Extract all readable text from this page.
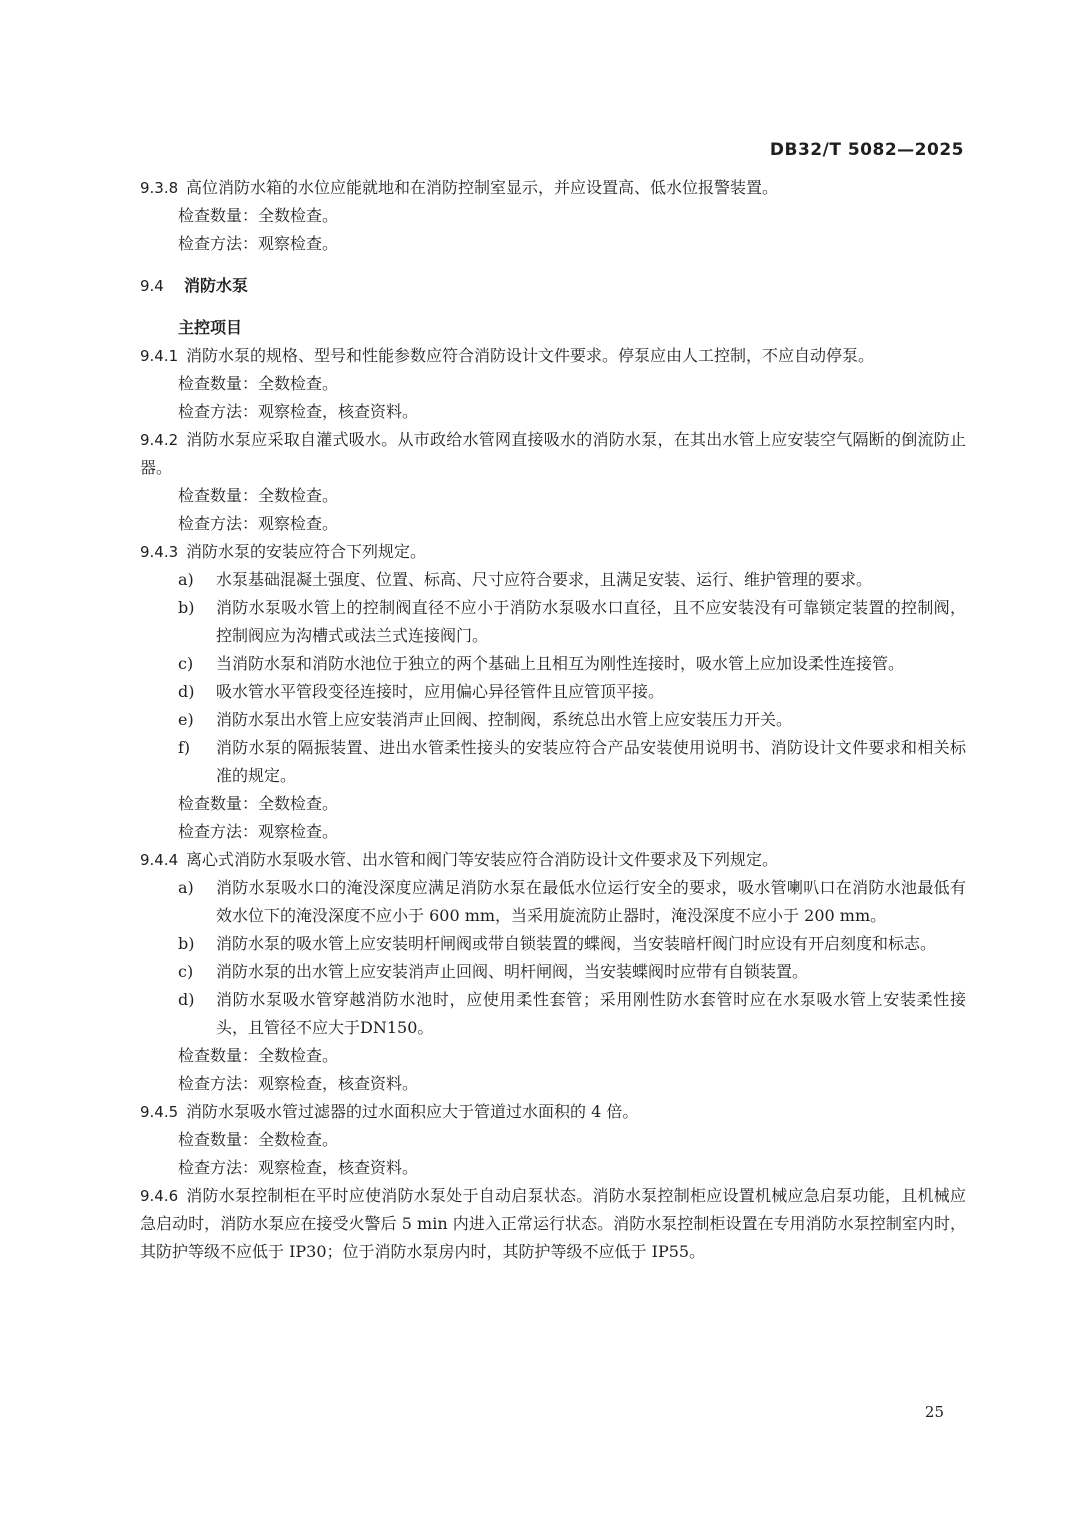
DB32/T 5082—2025

9.3.8 高位消防水箱的水位应能就地和在消防控制室显示，并应设置高、低水位报警装置。

检查数量：全数检查。

检查方法：观察检查。

9.4 消防水泵

主控项目

9.4.1 消防水泵的规格、型号和性能参数应符合消防设计文件要求。停泵应由人工控制，不应自动停泵。

检查数量：全数检查。

检查方法：观察检查，核查资料。

9.4.2 消防水泵应采取自灌式吸水。从市政给水管网直接吸水的消防水泵，在其出水管上应安装空气隔断的倒流防止器。

检查数量：全数检查。

检查方法：观察检查。

9.4.3 消防水泵的安装应符合下列规定。

a) 水泵基础混凝土强度、位置、标高、尺寸应符合要求，且满足安装、运行、维护管理的要求。

b) 消防水泵吸水管上的控制阀直径不应小于消防水泵吸水口直径，且不应安装没有可靠锁定装置的控制阀，控制阀应为沟槽式或法兰式连接阀门。

c) 当消防水泵和消防水池位于独立的两个基础上且相互为刚性连接时，吸水管上应加设柔性连接管。

d) 吸水管水平管段变径连接时，应用偏心异径管件且应管顶平接。

e) 消防水泵出水管上应安装消声止回阀、控制阀，系统总出水管上应安装压力开关。

f) 消防水泵的隔振装置、进出水管柔性接头的安装应符合产品安装使用说明书、消防设计文件要求和相关标准的规定。

检查数量：全数检查。

检查方法：观察检查。

9.4.4 离心式消防水泵吸水管、出水管和阀门等安装应符合消防设计文件要求及下列规定。

a) 消防水泵吸水口的淹没深度应满足消防水泵在最低水位运行安全的要求，吸水管喇叭口在消防水池最低有效水位下的淹没深度不应小于 600 mm，当采用旋流防止器时，淹没深度不应小于 200 mm。

b) 消防水泵的吸水管上应安装明杆闸阀或带自锁装置的蝶阀，当安装暗杆阀门时应设有开启刻度和标志。

c) 消防水泵的出水管上应安装消声止回阀、明杆闸阀，当安装蝶阀时应带有自锁装置。

d) 消防水泵吸水管穿越消防水池时，应使用柔性套管；采用刚性防水套管时应在水泵吸水管上安装柔性接头，且管径不应大于DN150。

检查数量：全数检查。

检查方法：观察检查，核查资料。

9.4.5 消防水泵吸水管过滤器的过水面积应大于管道过水面积的 4 倍。

检查数量：全数检查。

检查方法：观察检查，核查资料。

9.4.6 消防水泵控制柜在平时应使消防水泵处于自动启泵状态。消防水泵控制柜应设置机械应急启泵功能，且机械应急启动时，消防水泵应在接受火警后 5 min 内进入正常运行状态。消防水泵控制柜设置在专用消防水泵控制室内时，其防护等级不应低于 IP30；位于消防水泵房内时，其防护等级不应低于 IP55。

25
